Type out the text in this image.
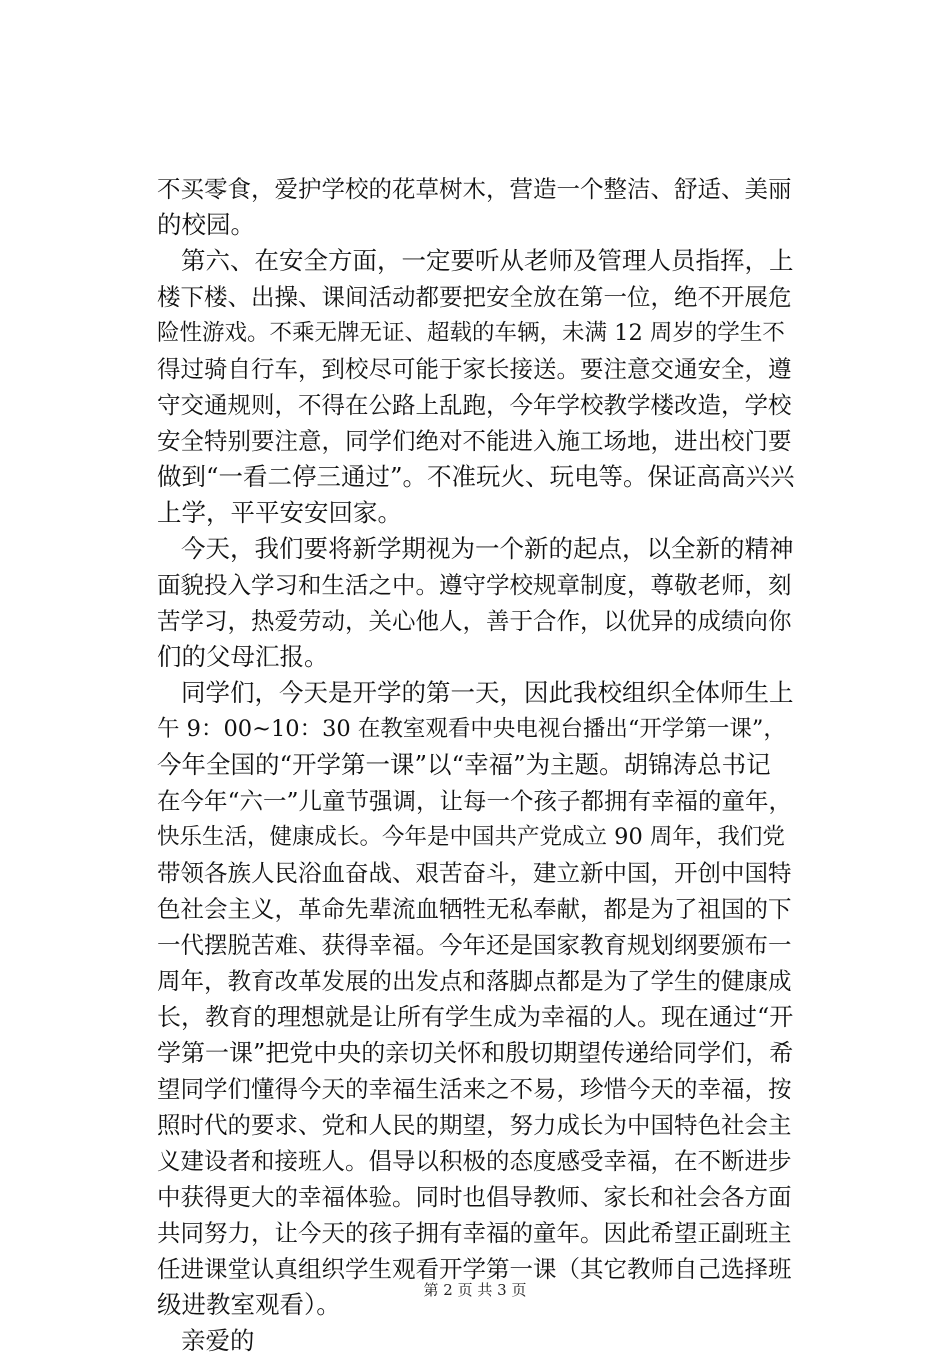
不买零食，爱护学校的花草树木，营造一个整洁、舒适、美丽
的校园。
第六、在安全方面，一定要听从老师及管理人员指挥，上
楼下楼、出操、课间活动都要把安全放在第一位，绝不开展危
险性游戏。不乘无牌无证、超载的车辆，未满 12 周岁的学生不
得过骑自行车，到校尽可能于家长接送。要注意交通安全，遵
守交通规则，不得在公路上乱跑，今年学校教学楼改造，学校
安全特别要注意，同学们绝对不能进入施工场地，进出校门要
做到“一看二停三通过”。不准玩火、玩电等。保证高高兴兴
上学，平平安安回家。
今天，我们要将新学期视为一个新的起点，以全新的精神
面貌投入学习和生活之中。遵守学校规章制度，尊敬老师，刻
苦学习，热爱劳动，关心他人，善于合作，以优异的成绩向你
们的父母汇报。
同学们，今天是开学的第一天，因此我校组织全体师生上
午 9：00~10：30 在教室观看中央电视台播出“开学第一课”，
今年全国的“开学第一课”以“幸福”为主题。胡锦涛总书记
在今年“六一”儿童节强调，让每一个孩子都拥有幸福的童年，
快乐生活，健康成长。今年是中国共产党成立 90 周年，我们党
带领各族人民浴血奋战、艰苦奋斗，建立新中国，开创中国特
色社会主义，革命先辈流血牺牲无私奉献，都是为了祖国的下
一代摆脱苦难、获得幸福。今年还是国家教育规划纲要颁布一
周年，教育改革发展的出发点和落脚点都是为了学生的健康成
长，教育的理想就是让所有学生成为幸福的人。现在通过“开
学第一课”把党中央的亲切关怀和殷切期望传递给同学们，希
望同学们懂得今天的幸福生活来之不易，珍惜今天的幸福，按
照时代的要求、党和人民的期望，努力成长为中国特色社会主
义建设者和接班人。倡导以积极的态度感受幸福，在不断进步
中获得更大的幸福体验。同时也倡导教师、家长和社会各方面
共同努力，让今天的孩子拥有幸福的童年。因此希望正副班主
任进课堂认真组织学生观看开学第一课（其它教师自己选择班
级进教室观看）。
亲爱的
第 2 页 共 3 页
